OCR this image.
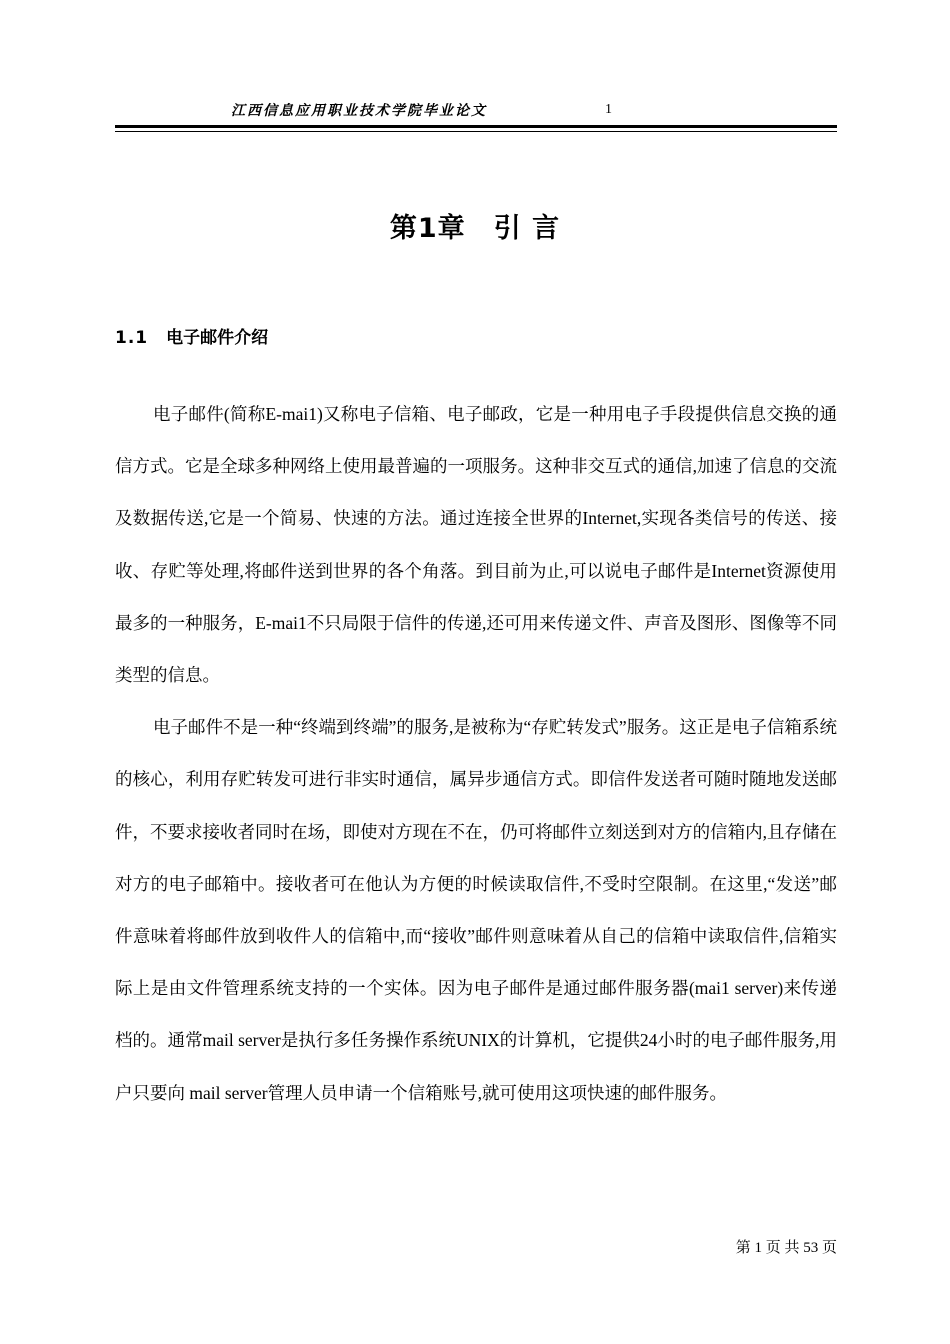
江西信息应用职业技术学院毕业论文	1
第1章 引 言
1.1 电子邮件介绍

电子邮件(简称E-mai1)又称电子信箱、电子邮政，它是一种用电子手段提供信息交换的通信方式。它是全球多种网络上使用最普遍的一项服务。这种非交互式的通信,加速了信息的交流及数据传送,它是一个简易、快速的方法。通过连接全世界的Internet,实现各类信号的传送、接收、存贮等处理,将邮件送到世界的各个角落。到目前为止,可以说电子邮件是Internet资源使用最多的一种服务，E-mai1不只局限于信件的传递,还可用来传递文件、声音及图形、图像等不同类型的信息。

电子邮件不是一种“终端到终端”的服务,是被称为“存贮转发式”服务。这正是电子信箱系统的核心，利用存贮转发可进行非实时通信，属异步通信方式。即信件发送者可随时随地发送邮件，不要求接收者同时在场，即使对方现在不在，仍可将邮件立刻送到对方的信箱内,且存储在对方的电子邮箱中。接收者可在他认为方便的时候读取信件,不受时空限制。在这里,“发送”邮件意味着将邮件放到收件人的信箱中,而“接收”邮件则意味着从自己的信箱中读取信件,信箱实际上是由文件管理系统支持的一个实体。因为电子邮件是通过邮件服务器(mai1 server)来传递档的。通常mail server是执行多任务操作系统UNIX的计算机，它提供24小时的电子邮件服务,用户只要向 mail server管理人员申请一个信箱账号,就可使用这项快速的邮件服务。

第 1 页 共 53 页
